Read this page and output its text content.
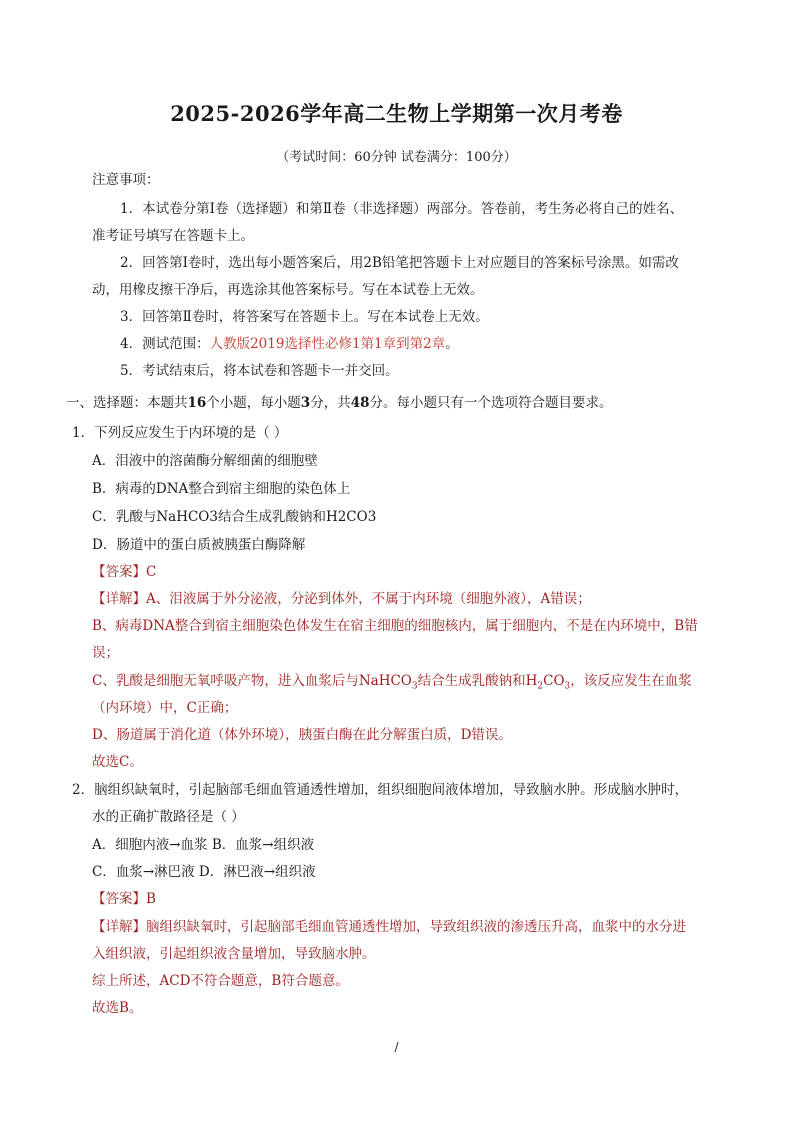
2025-2026学年高二生物上学期第一次月考卷
（考试时间：60分钟 试卷满分：100分）
注意事项：
1．本试卷分第Ⅰ卷（选择题）和第Ⅱ卷（非选择题）两部分。答卷前，考生务必将自己的姓名、
准考证号填写在答题卡上。
2．回答第Ⅰ卷时，选出每小题答案后，用2B铅笔把答题卡上对应题目的答案标号涂黑。如需改
动，用橡皮擦干净后，再选涂其他答案标号。写在本试卷上无效。
3．回答第Ⅱ卷时，将答案写在答题卡上。写在本试卷上无效。
4．测试范围：人教版2019选择性必修1第1章到第2章。
5．考试结束后，将本试卷和答题卡一并交回。
一、选择题：本题共16个小题，每小题3分，共48分。每小题只有一个选项符合题目要求。
1．下列反应发生于内环境的是（ ）
A．泪液中的溶菌酶分解细菌的细胞壁
B．病毒的DNA整合到宿主细胞的染色体上
C．乳酸与NaHCO3结合生成乳酸钠和H2CO3
D．肠道中的蛋白质被胰蛋白酶降解
【答案】C
【详解】A、泪液属于外分泌液，分泌到体外，不属于内环境（细胞外液），A错误；
B、病毒DNA整合到宿主细胞染色体发生在宿主细胞的细胞核内，属于细胞内，不是在内环境中，B错
误；
C、乳酸是细胞无氧呼吸产物，进入血浆后与NaHCO$_3$结合生成乳酸钠和$H_2CO_3$，该反应发生在血浆
（内环境）中，C正确；
D、肠道属于消化道（体外环境），胰蛋白酶在此分解蛋白质，D错误。
故选C。
2．脑组织缺氧时，引起脑部毛细血管通透性增加，组织细胞间液体增加，导致脑水肿。形成脑水肿时，
水的正确扩散路径是（ ）
A．细胞内液→血浆 B．血浆→组织液
C．血浆→淋巴液 D．淋巴液→组织液
【答案】B
【详解】脑组织缺氧时，引起脑部毛细血管通透性增加，导致组织液的渗透压升高，血浆中的水分进
入组织液，引起组织液含量增加，导致脑水肿。
综上所述，ACD不符合题意，B符合题意。
故选B。
/
